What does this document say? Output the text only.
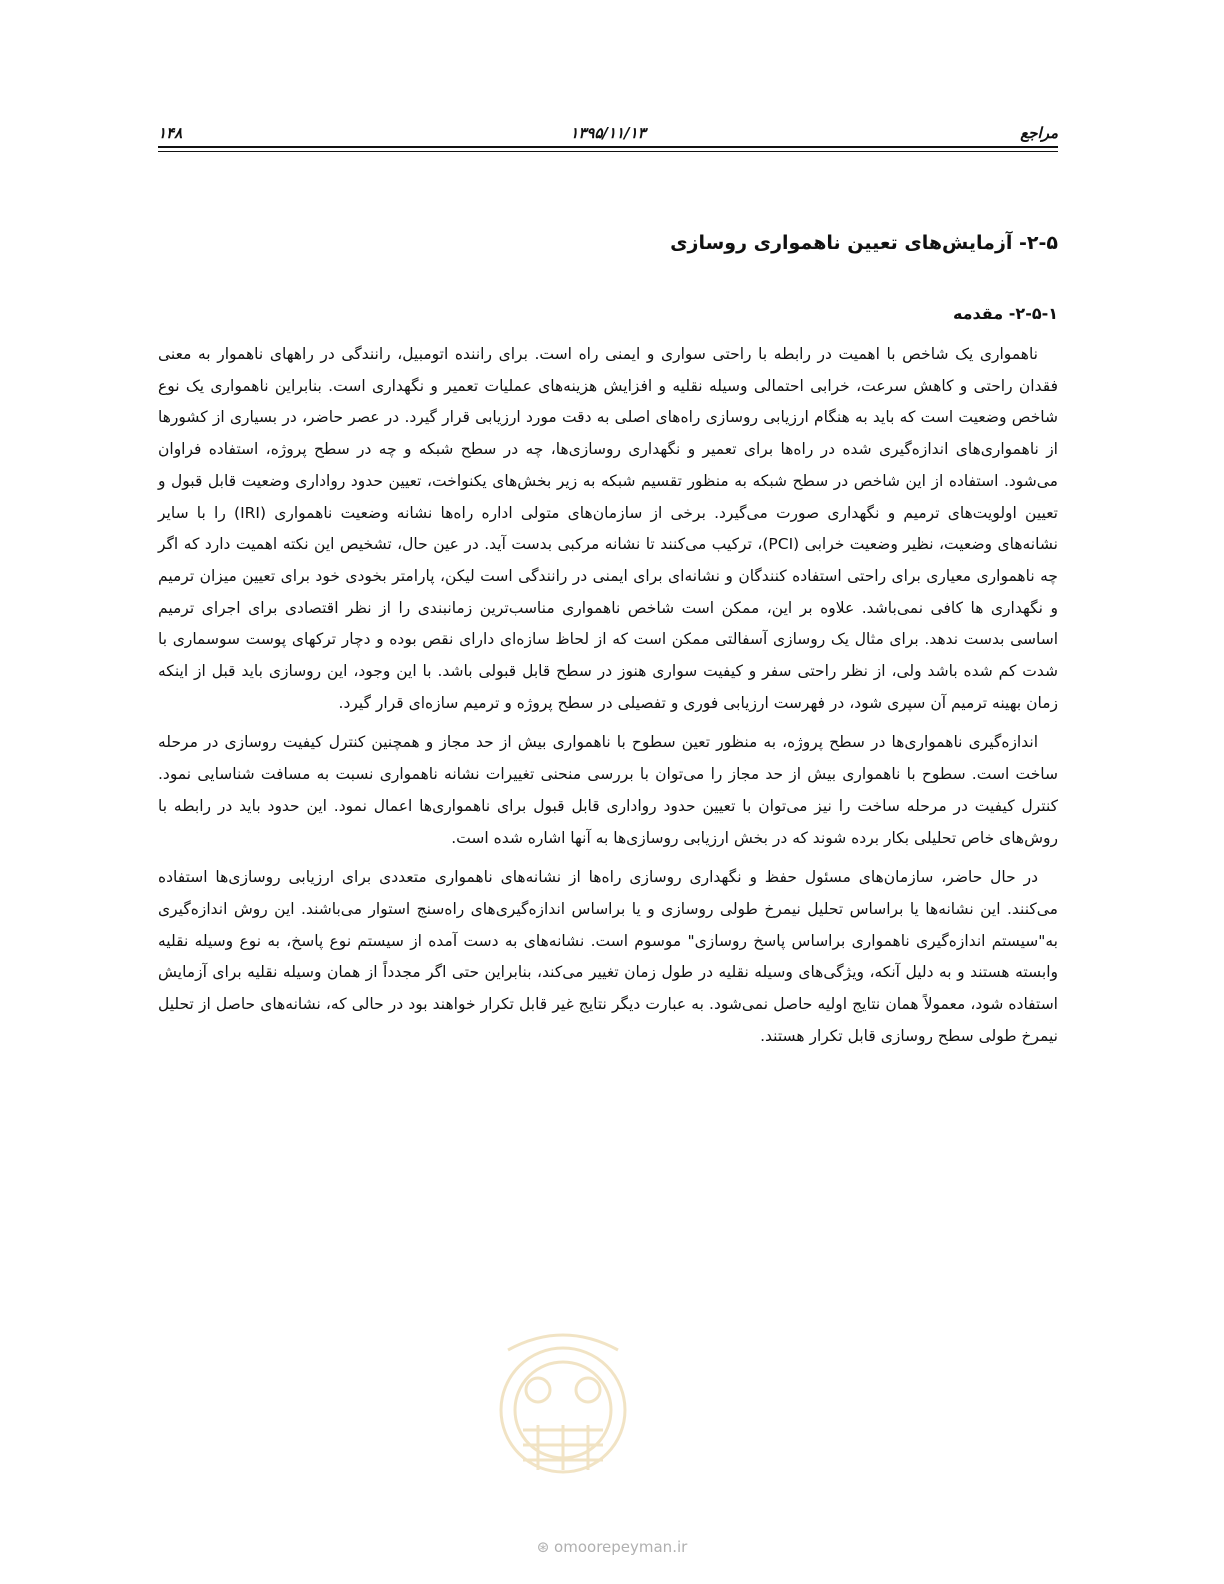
۱۴۸	۱۳۹۵/۱۱/۱۳	مراجع
۲-۵- آزمایش‌های تعیین ناهمواری روسازی
۲-۵-۱- مقدمه

ناهمواری یک شاخص با اهمیت در رابطه با راحتی سواری و ایمنی راه است. برای راننده اتومبیل، رانندگی در راههای ناهموار به معنی فقدان راحتی و کاهش سرعت، خرابی احتمالی وسیله نقلیه و افزایش هزینه‌های عملیات تعمیر و نگهداری است. بنابراین ناهمواری یک نوع شاخص وضعیت است که باید به هنگام ارزیابی روسازی راه‌های اصلی به دقت مورد ارزیابی قرار گیرد. در عصر حاضر، در بسیاری از کشورها از ناهمواری‌های اندازه‌گیری شده در راه‌ها برای تعمیر و نگهداری روسازی‌ها، چه در سطح شبکه و چه در سطح پروژه، استفاده فراوان می‌شود. استفاده از این شاخص در سطح شبکه به منظور تقسیم شبکه به زیر بخش‌های یکنواخت، تعیین حدود رواداری وضعیت قابل قبول و تعیین اولویت‌های ترمیم و نگهداری صورت می‌گیرد. برخی از سازمان‌های متولی اداره راه‌ها نشانه وضعیت ناهمواری (IRI) را با سایر نشانه‌های وضعیت، نظیر وضعیت خرابی (PCI)، ترکیب می‌کنند تا نشانه مرکبی بدست آید. در عین حال، تشخیص این نکته اهمیت دارد که اگر چه ناهمواری معیاری برای راحتی استفاده کنندگان و نشانه‌ای برای ایمنی در رانندگی است لیکن، پارامتر بخودی خود برای تعیین میزان ترمیم و نگهداری ها کافی نمی‌باشد. علاوه بر این، ممکن است شاخص ناهمواری مناسب‌ترین زمانبندی را از نظر اقتصادی برای اجرای ترمیم اساسی بدست ندهد. برای مثال یک روسازی آسفالتی ممکن است که از لحاظ سازه‌ای دارای نقص بوده و دچار ترکهای پوست سوسماری با شدت کم شده باشد ولی، از نظر راحتی سفر و کیفیت سواری هنوز در سطح قابل قبولی باشد. با این وجود، این روسازی باید قبل از اینکه زمان بهینه ترمیم آن سپری شود، در فهرست ارزیابی فوری و تفصیلی در سطح پروژه و ترمیم سازه‌ای قرار گیرد.

اندازه‌گیری ناهمواری‌ها در سطح پروژه، به منظور تعین سطوح با ناهمواری بیش از حد مجاز و همچنین کنترل کیفیت روسازی در مرحله ساخت است. سطوح با ناهمواری بیش از حد مجاز را می‌توان با بررسی منحنی تغییرات نشانه ناهمواری نسبت به مسافت شناسایی نمود. کنترل کیفیت در مرحله ساخت را نیز می‌توان با تعیین حدود رواداری قابل قبول برای ناهمواری‌ها اعمال نمود. این حدود باید در رابطه با روش‌های خاص تحلیلی بکار برده شوند که در بخش ارزیابی روسازی‌ها به آنها اشاره شده است.

در حال حاضر، سازمان‌های مسئول حفظ و نگهداری روسازی راه‌ها از نشانه‌های ناهمواری متعددی برای ارزیابی روسازی‌ها استفاده می‌کنند. این نشانه‌ها یا براساس تحلیل نیمرخ طولی روسازی و یا براساس اندازه‌گیری‌های راه‌سنج استوار می‌باشند. این روش اندازه‌گیری به"سیستم اندازه‌گیری ناهمواری براساس پاسخ روسازی" موسوم است. نشانه‌های به دست آمده از سیستم نوع پاسخ، به نوع وسیله نقلیه وابسته هستند و به دلیل آنکه، ویژگی‌های وسیله نقلیه در طول زمان تغییر می‌کند، بنابراین حتی اگر مجدداً از همان وسیله نقلیه برای آزمایش استفاده شود، معمولاً همان نتایج اولیه حاصل نمی‌شود. به عبارت دیگر نتایج غیر قابل تکرار خواهند بود در حالی که، نشانه‌های حاصل از تحلیل نیمرخ طولی سطح روسازی قابل تکرار هستند.

⊛ omoorepeyman.ir
